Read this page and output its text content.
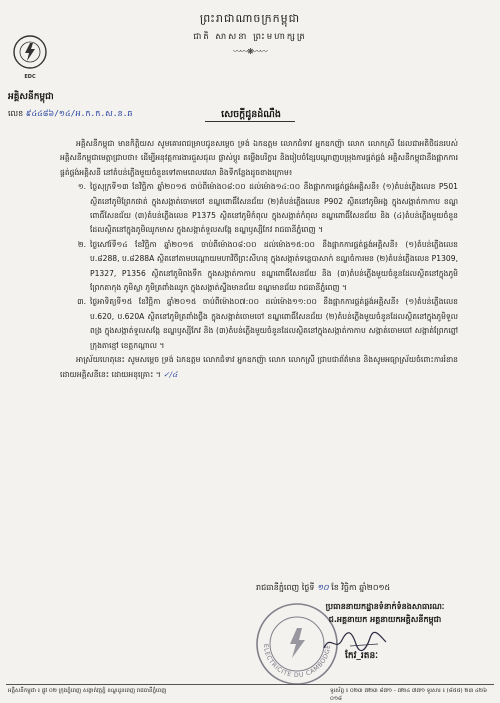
ព្រះរាជាណាចក្រកម្ពុជា
ជាតិ សាសនា ព្រះមហាក្សត្រ
〰〰❋〰〰
EDC
អគ្គិសនីកម្ពុជា
លេខ ៩៤៤៨៦/១៤/អ.ក.ក.ស.ន.ឆ	សេចក្តីជូនដំណឹង

អគ្គិសនីកម្ពុជា មានកិត្តិយស សូមគោរពជម្រាបជូនសម្តេច ទ្រង់ ឯកឧត្តម លោកជំទាវ អ្នកឧកញ៉ា លោក លោកស្រី ដែលជាអតិថិជនរបស់អគ្គិសនីកម្ពុជាមេត្តាជ្រាបថា៖ ដើម្បីអនុវត្តការងារជួសជុល ផ្លាស់ប្តូរ តម្លើងបរិក្ខារ និងរៀបចំខ្សែបណ្តាញបម្រុងការផ្គត់ផ្គង់ អគ្គិសនីកម្ពុជានឹងផ្អាកការផ្គត់ផ្គង់អគ្គិសនី នៅតំបន់ភ្លើងមួយចំនួនទៅតាមពេលវេលា និងទីកន្លែងដូចខាងក្រោម៖

១. ថ្ងៃសុក្រទី១៣ ខែវិច្ឆិកា ឆ្នាំ២០១៥ ចាប់ពីម៉ោង០៨:០០ ដល់ម៉ោង១៤:០០ នឹងផ្អាកការផ្គត់ផ្គង់អគ្គិសនី៖ (១)តំបន់ភ្លើងលេខ P501 ស្ថិតនៅភូមិព្រែកផាត់ ក្នុងសង្កាត់ចោមចៅ ខណ្ឌពោធិ៍សែនជ័យ (២)តំបន់ភ្លើងលេខ P902 ស្ថិតនៅភូមិអង្គ ក្នុងសង្កាត់កាកាប ខណ្ឌពោធិ៍សែនជ័យ (៣)តំបន់ភ្លើងលេខ P1375 ស្ថិតនៅភូមិកំពុល ក្នុងសង្កាត់កំពុល ខណ្ឌពោធិ៍សែនជ័យ និង (៤)តំបន់ភ្លើងមួយចំនួនដែលស្ថិតនៅក្នុងភូមិឈូកមាស ក្នុងសង្កាត់ទួលសង្កែ ខណ្ឌឫស្សីកែវ រាជធានីភ្នំពេញ ។
២. ថ្ងៃសៅរ៍ទី១៤ ខែវិច្ឆិកា ឆ្នាំ២០១៥ ចាប់ពីម៉ោង០៨:០០ ដល់ម៉ោង១៥:០០ នឹងផ្អាកការផ្គត់ផ្គង់អគ្គិសនី៖ (១)តំបន់ភ្លើងលេខ ប.៨288, ប.៨288A ស្ថិតនៅតាមបណ្តោយមហាវិថីព្រះសីហនុ ក្នុងសង្កាត់ទន្លេបាសាក់ ខណ្ឌចំការមន (២)តំបន់ភ្លើងលេខ P1309, P1327, P1356 ស្ថិតនៅភូមិពងទឹក ក្នុងសង្កាត់កាកាប ខណ្ឌពោធិ៍សែនជ័យ និង (៣)តំបន់ភ្លើងមួយចំនួនដែលស្ថិតនៅក្នុងភូមិព្រែកតាកុង ភូមិស្លា ភូមិត្រពាំងឈូក ក្នុងសង្កាត់ស្ទឹងមានជ័យ ខណ្ឌមានជ័យ រាជធានីភ្នំពេញ ។
៣. ថ្ងៃអាទិត្យទី១៥ ខែវិច្ឆិកា ឆ្នាំ២០១៥ ចាប់ពីម៉ោង០៧:០០ ដល់ម៉ោង១១:០០ នឹងផ្អាកការផ្គត់ផ្គង់អគ្គិសនី៖ (១)តំបន់ភ្លើងលេខ ប.620, ប.620A ស្ថិតនៅភូមិត្រពាំងថ្លឹង ក្នុងសង្កាត់ចោមចៅ ខណ្ឌពោធិ៍សែនជ័យ (២)តំបន់ភ្លើងមួយចំនួនដែលស្ថិតនៅក្នុងភូមិទួលពង្រ ក្នុងសង្កាត់ទួលសង្កែ ខណ្ឌឫស្សីកែវ និង (៣)តំបន់ភ្លើងមួយចំនួនដែលស្ថិតនៅក្នុងសង្កាត់កាកាប សង្កាត់ចោមចៅ សង្កាត់ព្រែកព្នៅ ក្រុងតាខ្មៅ ខេត្តកណ្តាល ។

អាស្រ័យហេតុនេះ សូមសម្តេច ទ្រង់ ឯកឧត្តម លោកជំទាវ អ្នកឧកញ៉ា លោក លោកស្រី ជ្រាបជាព័ត៌មាន និងសូមអធ្យាស្រ័យចំពោះការរំខានដោយអគ្គិសនីនេះ ដោយអនុគ្រោះ ។ ✓/៤

រាជធានីភ្នំពេញ ថ្ងៃទី ១០ ខែ វិច្ឆិកា ឆ្នាំ២០១៥
ELECTRICITE DU CAMBODGE
ប្រធាននាយកដ្ឋានទំនាក់ទំនងសាធារណៈ
ជ.អគ្គនាយក អគ្គនាយកអគ្គិសនីកម្ពុជា
កែវ_រតនៈ
អគ្គិសនីកម្ពុជា ៖ ផ្លូវ ០២ ក្រុងភ្នំពេញ សង្កាត់វត្តភ្នំ ខណ្ឌដូនពេញ រាជធានីភ្នំពេញ	ទូរស័ព្ទ ៖ ០២៣ ៧២៣ ៨៧១ - ៧២៤ ៧៧១ ទូរសារ ៖ (៨៥៥) ២៣ ៤២៦ ០១៨
